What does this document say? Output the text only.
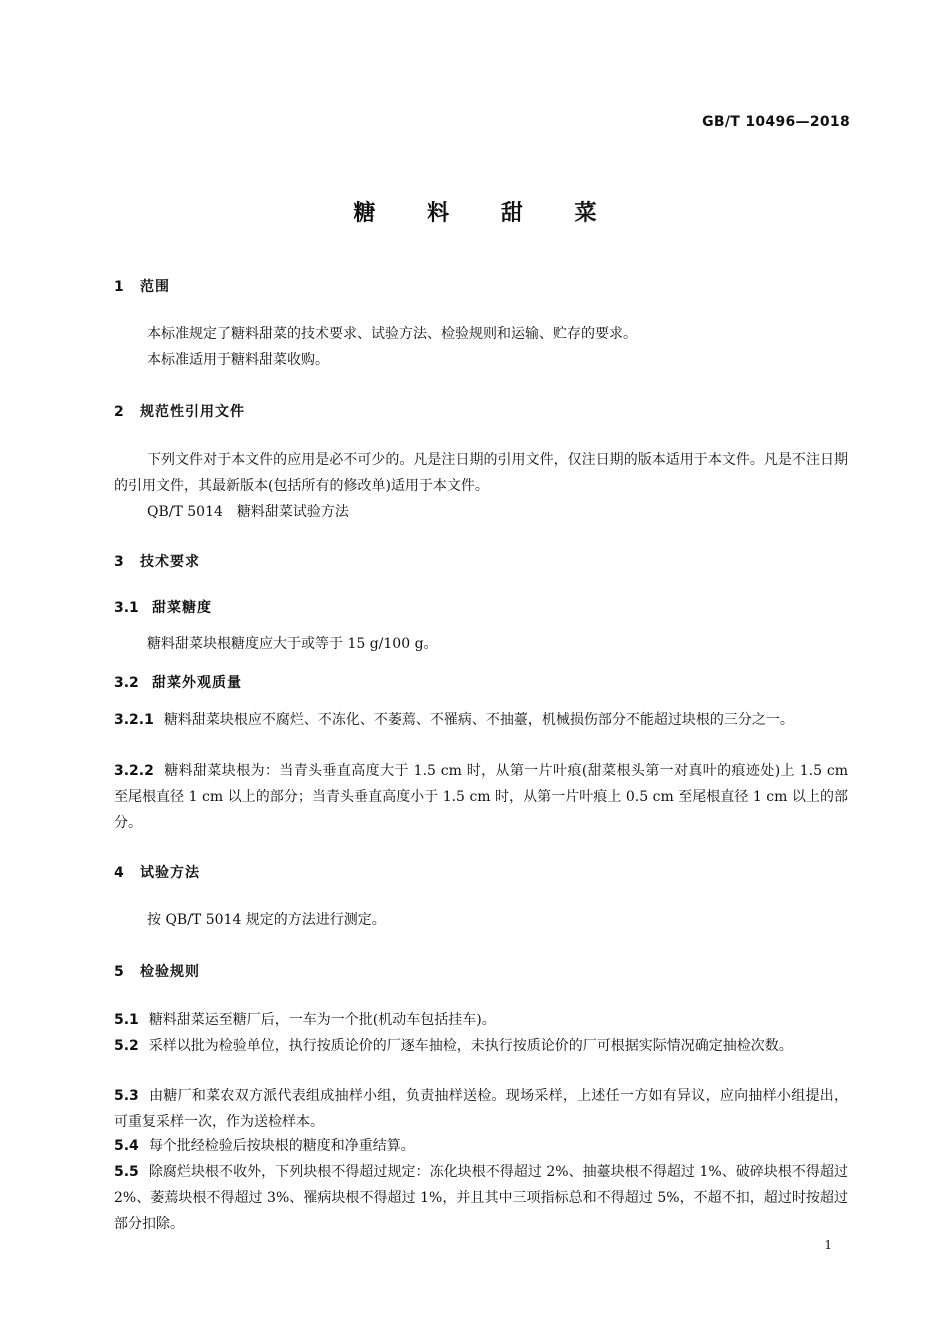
GB/T 10496—2018
糖 料 甜 菜
1 范围
本标准规定了糖料甜菜的技术要求、试验方法、检验规则和运输、贮存的要求。
本标准适用于糖料甜菜收购。
2 规范性引用文件
下列文件对于本文件的应用是必不可少的。凡是注日期的引用文件，仅注日期的版本适用于本文件。凡是不注日期的引用文件，其最新版本(包括所有的修改单)适用于本文件。
QB/T 5014　糖料甜菜试验方法
3 技术要求
3.1 甜菜糖度
糖料甜菜块根糖度应大于或等于 15 g/100 g。
3.2 甜菜外观质量
3.2.1 糖料甜菜块根应不腐烂、不冻化、不萎蔫、不罹病、不抽薹，机械损伤部分不能超过块根的三分之一。
3.2.2 糖料甜菜块根为：当青头垂直高度大于 1.5 cm 时，从第一片叶痕(甜菜根头第一对真叶的痕迹处)上 1.5 cm 至尾根直径 1 cm 以上的部分；当青头垂直高度小于 1.5 cm 时，从第一片叶痕上 0.5 cm 至尾根直径 1 cm 以上的部分。
4 试验方法
按 QB/T 5014 规定的方法进行测定。
5 检验规则
5.1 糖料甜菜运至糖厂后，一车为一个批(机动车包括挂车)。
5.2 采样以批为检验单位，执行按质论价的厂逐车抽检，未执行按质论价的厂可根据实际情况确定抽检次数。
5.3 由糖厂和菜农双方派代表组成抽样小组，负责抽样送检。现场采样，上述任一方如有异议，应向抽样小组提出，可重复采样一次，作为送检样本。
5.4 每个批经检验后按块根的糖度和净重结算。
5.5 除腐烂块根不收外，下列块根不得超过规定：冻化块根不得超过 2%、抽薹块根不得超过 1%、破碎块根不得超过 2%、萎蔫块根不得超过 3%、罹病块根不得超过 1%，并且其中三项指标总和不得超过 5%，不超不扣，超过时按超过部分扣除。
1
